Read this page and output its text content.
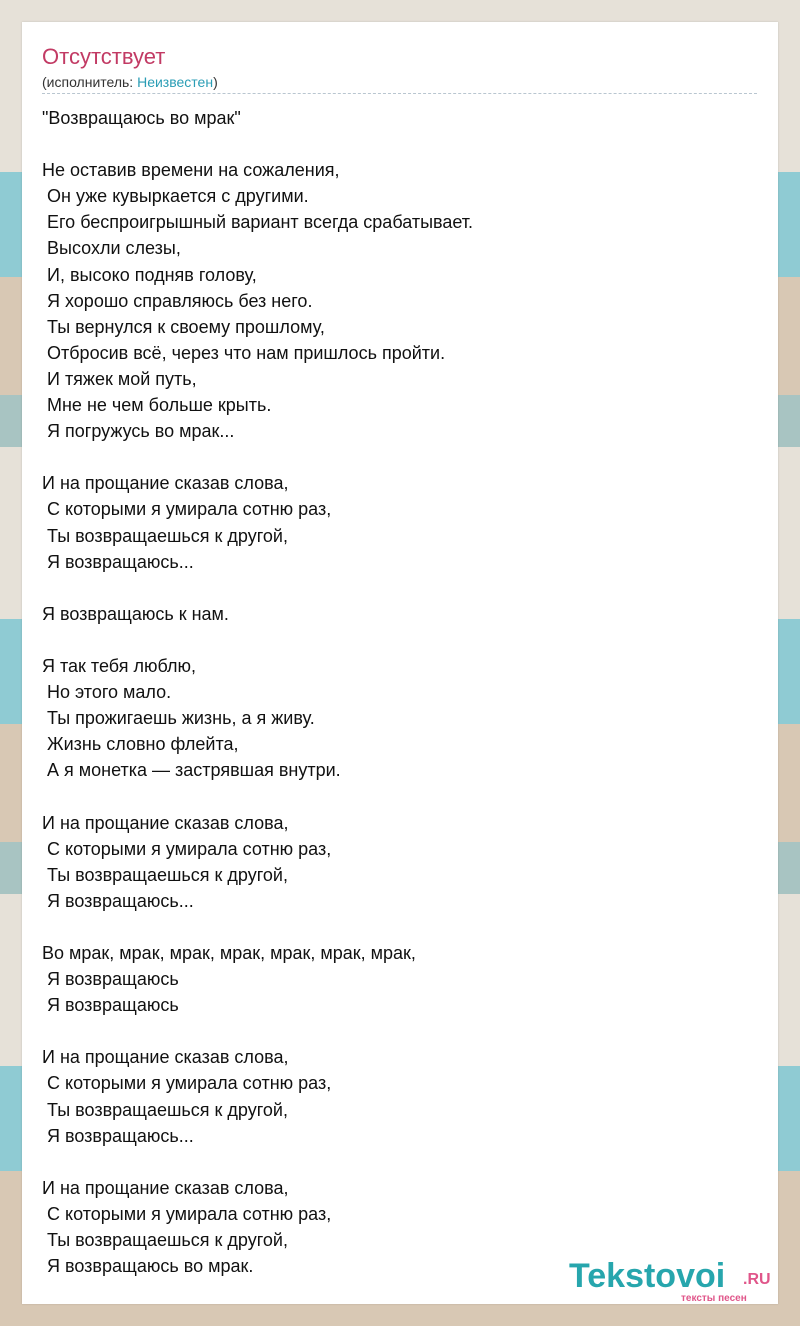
Отсутствует
(исполнитель: Неизвестен)
"Возвращаюсь во мрак"

Не оставив времени на сожаления,
Он уже кувыркается с другими.
Его беспроигрышный вариант всегда срабатывает.
Высохли слезы,
И, высоко подняв голову,
Я хорошо справляюсь без него.
Ты вернулся к своему прошлому,
Отбросив всё, через что нам пришлось пройти.
И тяжек мой путь,
Мне не чем больше крыть.
Я погружусь во мрак...

И на прощание сказав слова,
С которыми я умирала сотню раз,
Ты возвращаешься к другой,
Я возвращаюсь...

Я возвращаюсь к нам.

Я так тебя люблю,
Но этого мало.
Ты прожигаешь жизнь, а я живу.
Жизнь словно флейта,
А я монетка — застрявшая внутри.

И на прощание сказав слова,
С которыми я умирала сотню раз,
Ты возвращаешься к другой,
Я возвращаюсь...

Во мрак, мрак, мрак, мрак, мрак, мрак, мрак,
Я возвращаюсь
Я возвращаюсь

И на прощание сказав слова,
С которыми я умирала сотню раз,
Ты возвращаешься к другой,
Я возвращаюсь...

И на прощание сказав слова,
С которыми я умирала сотню раз,
Ты возвращаешься к другой,
Я возвращаюсь во мрак.	Tekstovoi .RU
тексты песен
